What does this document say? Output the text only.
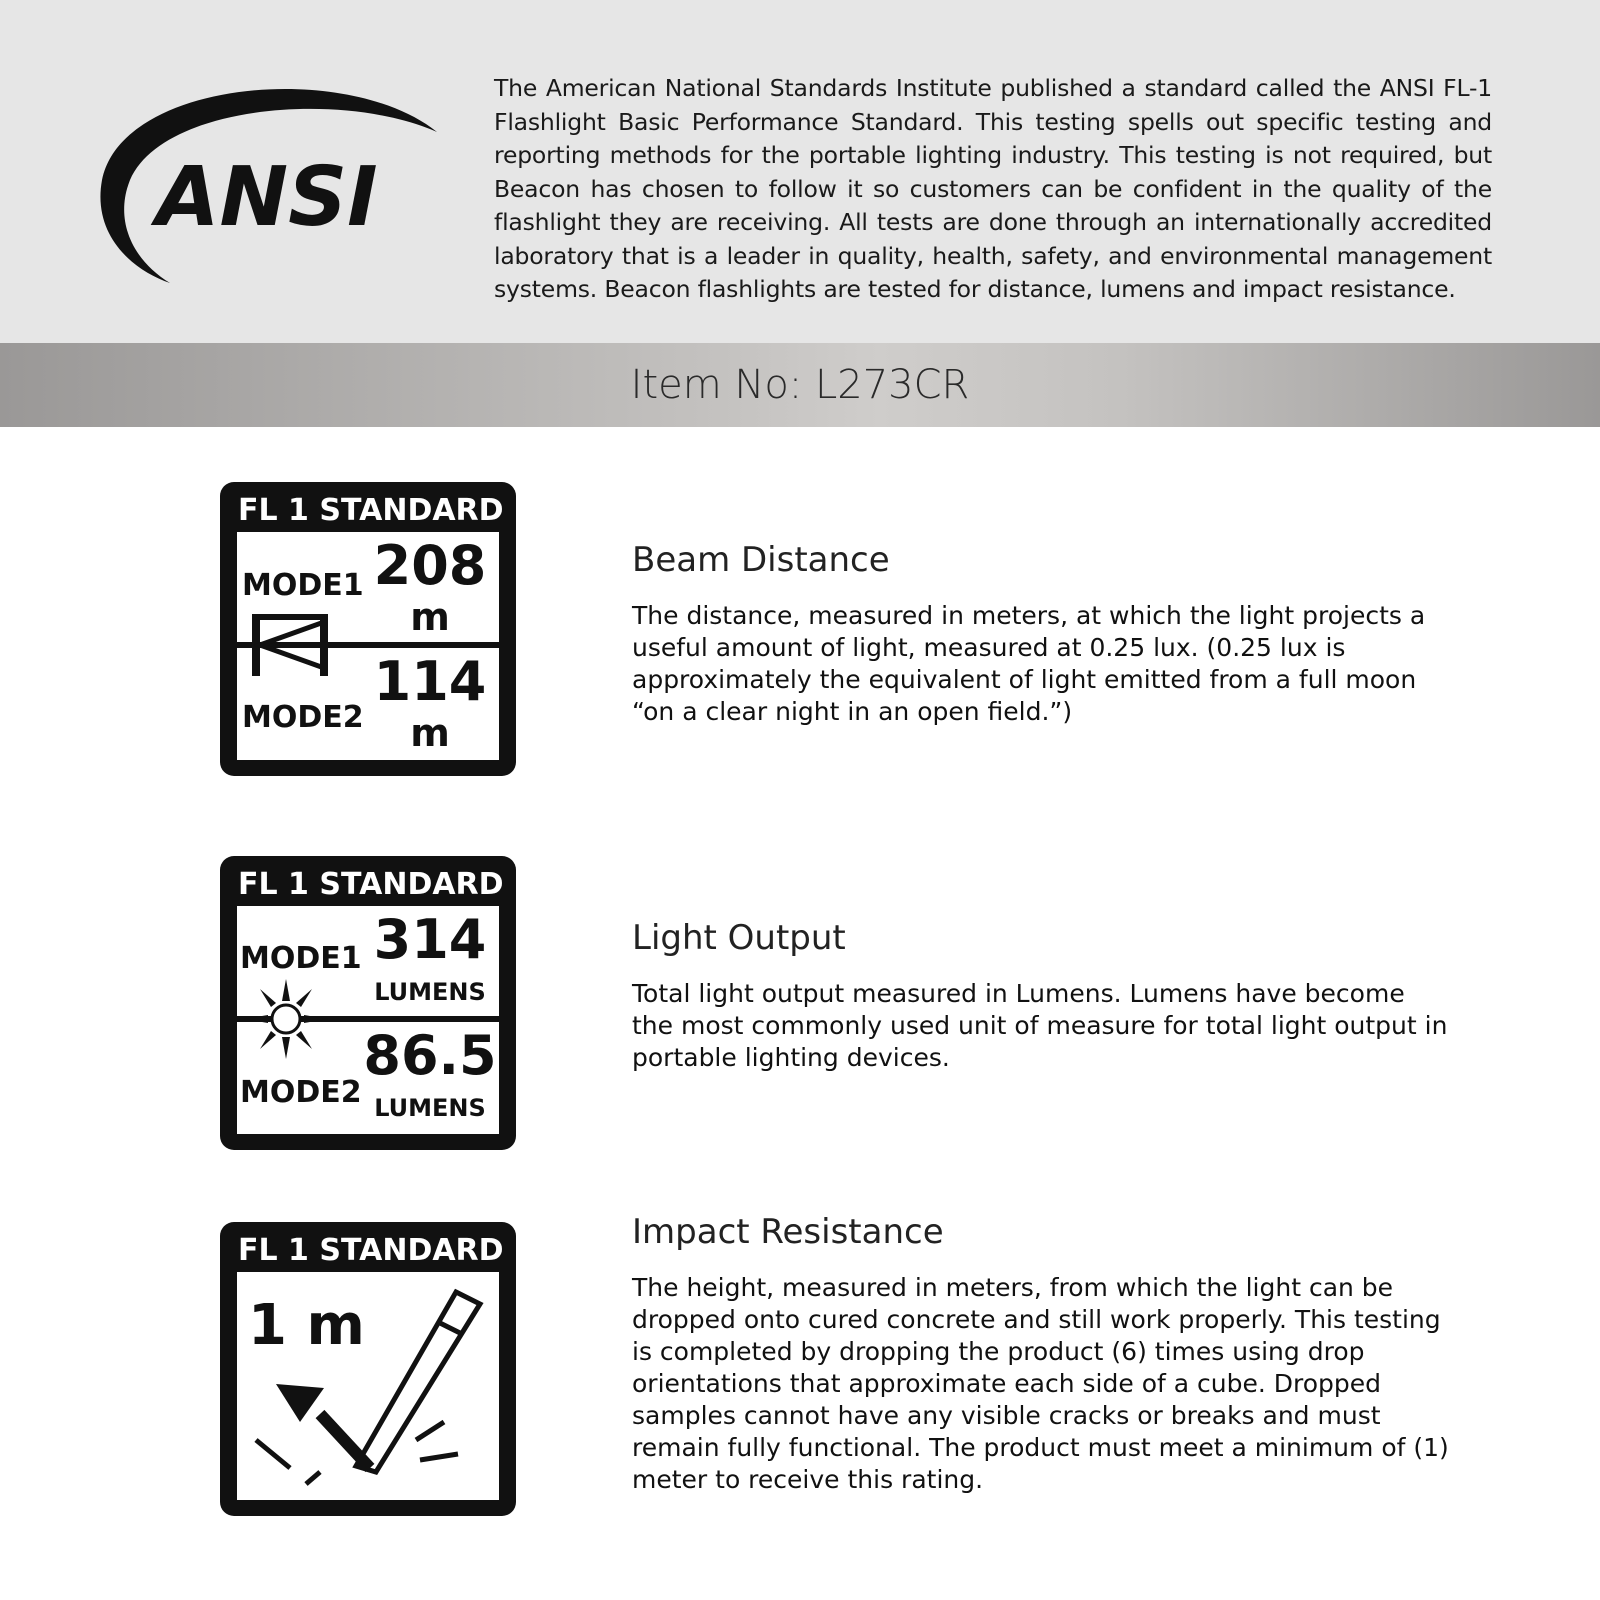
ANSI

The American National Standards Institute published a standard called the ANSI FL-1 Flashlight Basic Performance Standard. This testing spells out specific testing and reporting methods for the portable lighting industry. This testing is not required, but Beacon has chosen to follow it so customers can be confident in the quality of the flashlight they are receiving. All tests are done through an internationally accredited laboratory that is a leader in quality, health, safety, and environmental management systems. Beacon flashlights are tested for distance, lumens and impact resistance.

Item No: L273CR
FL 1 STANDARD
MODE1 208
m
MODE2
114
m
Beam Distance

The distance, measured in meters, at which the light projects a useful amount of light, measured at 0.25 lux. (0.25 lux is approximately the equivalent of light emitted from a full moon “on a clear night in an open field.”)

FL 1 STANDARD
MODE1 314
LUMENS
MODE2
86.5
LUMENS
Light Output

Total light output measured in Lumens. Lumens have become the most commonly used unit of measure for total light output in portable lighting devices.

FL 1 STANDARD
1 m
Impact Resistance

The height, measured in meters, from which the light can be dropped onto cured concrete and still work properly. This testing is completed by dropping the product (6) times using drop orientations that approximate each side of a cube. Dropped samples cannot have any visible cracks or breaks and must remain fully functional. The product must meet a minimum of (1) meter to receive this rating.
